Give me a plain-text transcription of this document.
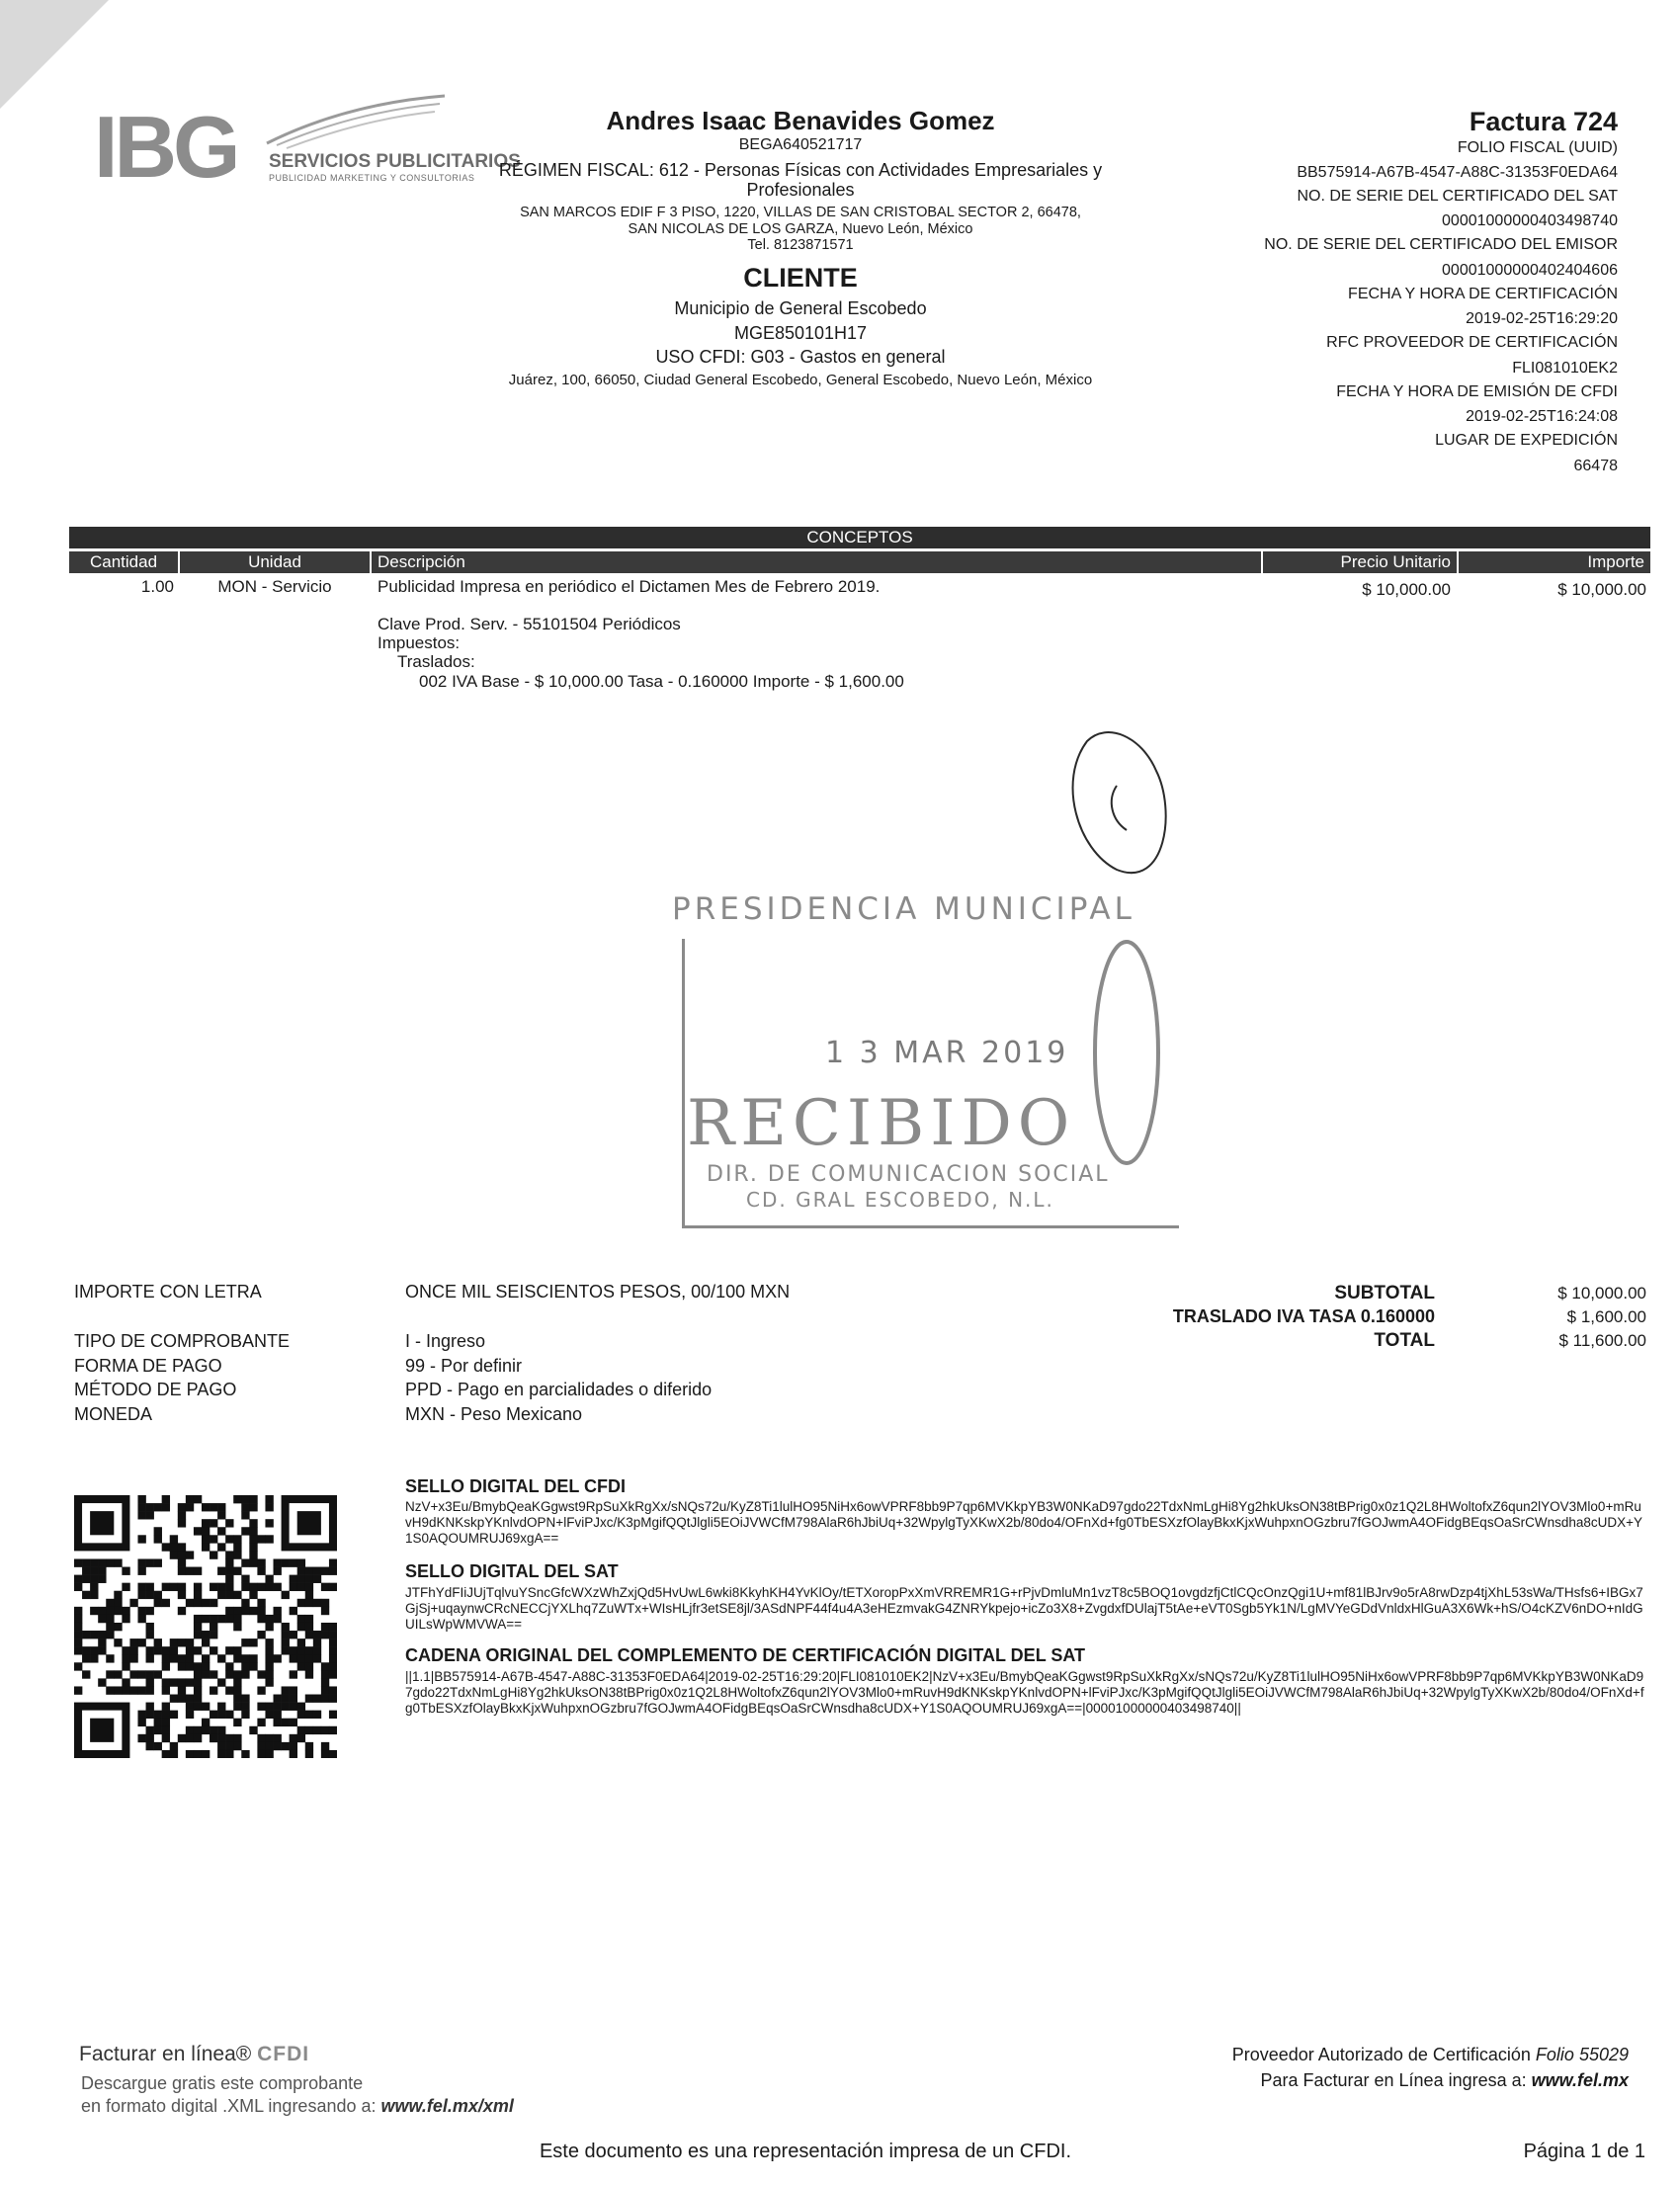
IBG SERVICIOS PUBLICITARIOS
PUBLICIDAD MARKETING Y CONSULTORIAS
Andres Isaac Benavides Gomez
BEGA640521717
RÉGIMEN FISCAL: 612 - Personas Físicas con Actividades Empresariales y Profesionales
SAN MARCOS EDIF F 3 PISO, 1220, VILLAS DE SAN CRISTOBAL SECTOR 2, 66478,
SAN NICOLAS DE LOS GARZA, Nuevo León, México
Tel. 8123871571
CLIENTE
Municipio de General Escobedo
MGE850101H17
USO CFDI: G03 - Gastos en general
Juárez, 100, 66050, Ciudad General Escobedo, General Escobedo, Nuevo León, México
Factura 724
FOLIO FISCAL (UUID)
BB575914-A67B-4547-A88C-31353F0EDA64
NO. DE SERIE DEL CERTIFICADO DEL SAT
00001000000403498740
NO. DE SERIE DEL CERTIFICADO DEL EMISOR
00001000000402404606
FECHA Y HORA DE CERTIFICACIÓN
2019-02-25T16:29:20
RFC PROVEEDOR DE CERTIFICACIÓN
FLI081010EK2
FECHA Y HORA DE EMISIÓN DE CFDI
2019-02-25T16:24:08
LUGAR DE EXPEDICIÓN
66478
CONCEPTOS
Cantidad	Unidad	Descripción	Precio Unitario	Importe
1.00	MON - Servicio	Publicidad Impresa en periódico el Dictamen Mes de Febrero 2019.	$ 10,000.00	$ 10,000.00
Clave Prod. Serv. - 55101504 Periódicos
Impuestos:
Traslados:
002 IVA Base - $ 10,000.00 Tasa - 0.160000 Importe - $ 1,600.00
PRESIDENCIA MUNICIPAL
1 3 MAR 2019
RECIBIDO
DIR. DE COMUNICACION SOCIAL
CD. GRAL ESCOBEDO, N.L.
IMPORTE CON LETRA	ONCE MIL SEISCIENTOS PESOS, 00/100 MXN
TIPO DE COMPROBANTE	I - Ingreso
FORMA DE PAGO	99 - Por definir
MÉTODO DE PAGO	PPD - Pago en parcialidades o diferido
MONEDA	MXN - Peso Mexicano
SUBTOTAL	$ 10,000.00
TRASLADO IVA TASA 0.160000	$ 1,600.00
TOTAL	$ 11,600.00
SELLO DIGITAL DEL CFDI
NzV+x3Eu/BmybQeaKGgwst9RpSuXkRgXx/sNQs72u/KyZ8Ti1lulHO95NiHx6owVPRF8bb9P7qp6MVKkpYB3W0NKaD97gdo22TdxNmLgHi8Yg2hkUksON38tBPrig0x0z1Q2L8HWoltofxZ6qun2lYOV3Mlo0+mRuvH9dKNKskpYKnlvdOPN+lFviPJxc/K3pMgifQQtJlgli5EOiJVWCfM798AlaR6hJbiUq+32WpylgTyXKwX2b/80do4/OFnXd+fg0TbESXzfOlayBkxKjxWuhpxnOGzbru7fGOJwmA4OFidgBEqsOaSrCWnsdha8cUDX+Y1S0AQOUMRUJ69xgA==
SELLO DIGITAL DEL SAT
JTFhYdFIiJUjTqlvuYSncGfcWXzWhZxjQd5HvUwL6wki8KkyhKH4YvKlOy/tETXoropPxXmVRREMR1G+rPjvDmluMn1vzT8c5BOQ1ovgdzfjCtlCQcOnzQgi1U+mf81lBJrv9o5rA8rwDzp4tjXhL53sWa/THsfs6+IBGx7GjSj+uqaynwCRcNECCjYXLhq7ZuWTx+WIsHLjfr3etSE8jl/3ASdNPF44f4u4A3eHEzmvakG4ZNRYkpejo+icZo3X8+ZvgdxfDUlajT5tAe+eVT0Sgb5Yk1N/LgMVYeGDdVnldxHlGuA3X6Wk+hS/O4cKZV6nDO+nIdGUILsWpWMVWA==
CADENA ORIGINAL DEL COMPLEMENTO DE CERTIFICACIÓN DIGITAL DEL SAT
||1.1|BB575914-A67B-4547-A88C-31353F0EDA64|2019-02-25T16:29:20|FLI081010EK2|NzV+x3Eu/BmybQeaKGgwst9RpSuXkRgXx/sNQs72u/KyZ8Ti1lulHO95NiHx6owVPRF8bb9P7qp6MVKkpYB3W0NKaD97gdo22TdxNmLgHi8Yg2hkUksON38tBPrig0x0z1Q2L8HWoltofxZ6qun2lYOV3Mlo0+mRuvH9dKNKskpYKnlvdOPN+lFviPJxc/K3pMgifQQtJlgli5EOiJVWCfM798AlaR6hJbiUq+32WpylgTyXKwX2b/80do4/OFnXd+fg0TbESXzfOlayBkxKjxWuhpxnOGzbru7fGOJwmA4OFidgBEqsOaSrCWnsdha8cUDX+Y1S0AQOUMRUJ69xgA==|00001000000403498740||
Facturar en línea® CFDI
Descargue gratis este comprobante
en formato digital .XML ingresando a: www.fel.mx/xml
Proveedor Autorizado de Certificación Folio 55029
Para Facturar en Línea ingresa a: www.fel.mx
Este documento es una representación impresa de un CFDI.	Página 1 de 1
